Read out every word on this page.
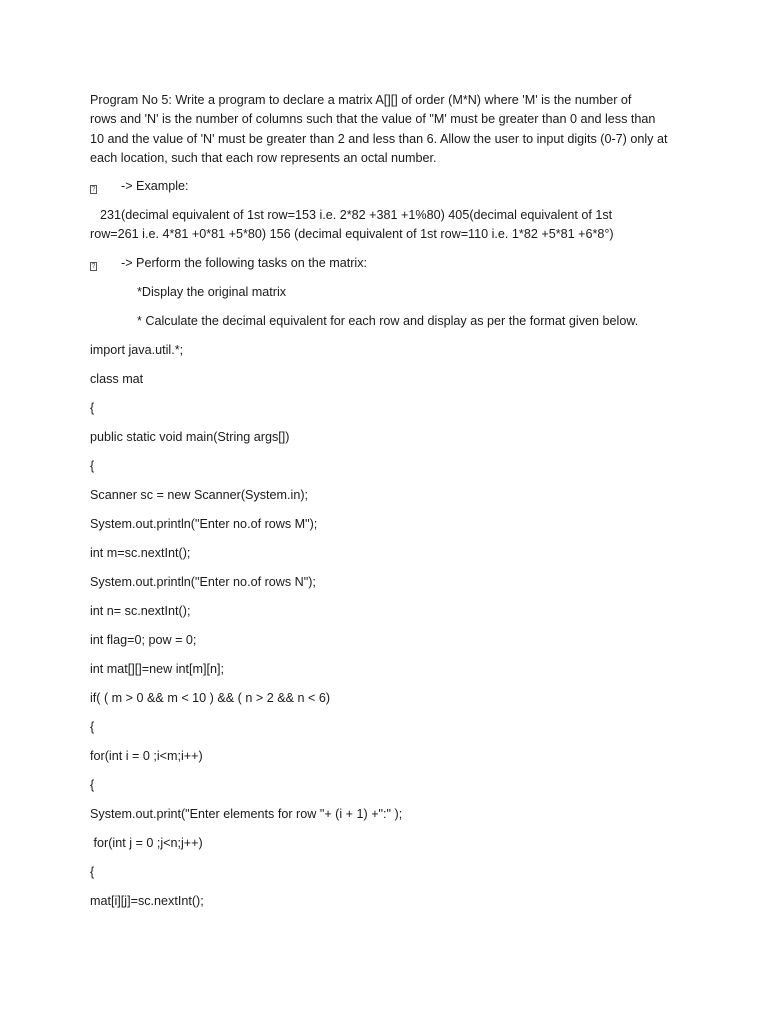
Program No 5: Write a program to declare a matrix A[][] of order (M*N) where 'M' is the number of
rows and 'N' is the number of columns such that the value of "M' must be greater than 0 and less than
10 and the value of 'N' must be greater than 2 and less than 6. Allow the user to input digits (0-7) only at
each location, such that each row represents an octal number.
? -> Example:
231(decimal equivalent of 1st row=153 i.e. 2*82 +381 +1%80) 405(decimal equivalent of 1st
row=261 i.e. 4*81 +0*81 +5*80) 156 (decimal equivalent of 1st row=110 i.e. 1*82 +5*81 +6*8°)
? -> Perform the following tasks on the matrix:
*Display the original matrix
* Calculate the decimal equivalent for each row and display as per the format given below.
import java.util.*;
class mat
{
public static void main(String args[])
{
Scanner sc = new Scanner(System.in);
System.out.println("Enter no.of rows M");
int m=sc.nextInt();
System.out.println("Enter no.of rows N");
int n= sc.nextInt();
int flag=0; pow = 0;
int mat[][]=new int[m][n];
if( ( m > 0 && m < 10 ) && ( n > 2 && n < 6)
{
for(int i = 0 ;i<m;i++)
{
System.out.print("Enter elements for row "+ (i + 1) +":" );
for(int j = 0 ;j<n;j++)
{
mat[i][j]=sc.nextInt();
